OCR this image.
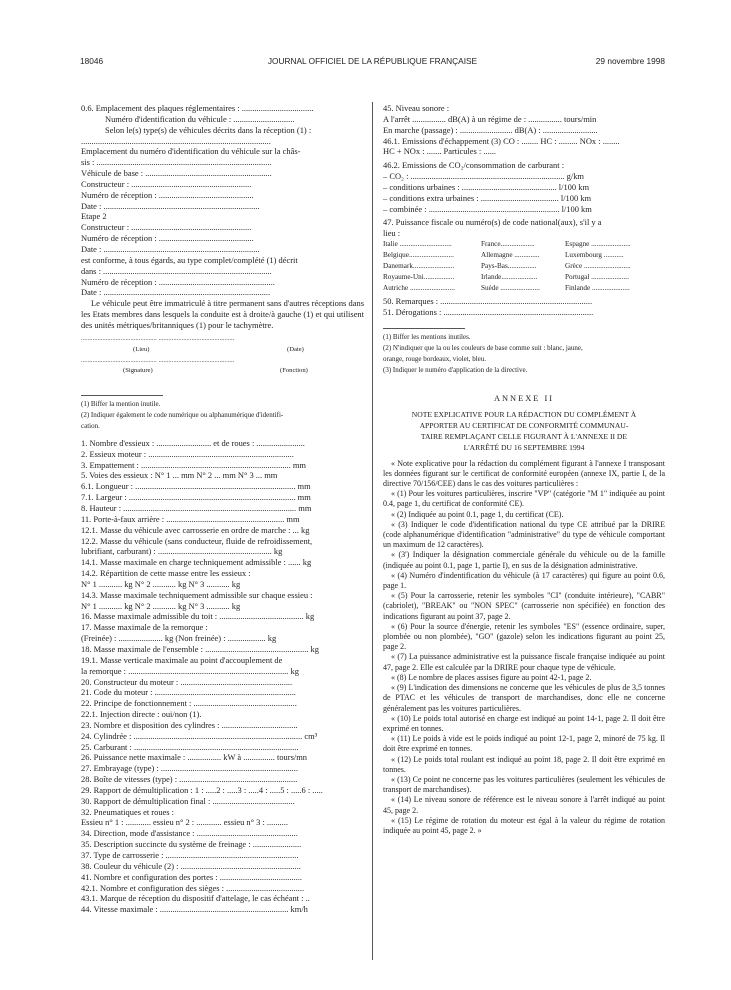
18046	JOURNAL OFFICIEL DE LA RÉPUBLIQUE FRANÇAISE	29 novembre 1998
0.6. Emplacement des plaques réglementaires : ..................................
Numéro d'identification du véhicule : .............................
Selon le(s) type(s) de véhicules décrits dans la réception (1) :
..........................................................................................
Emplacement du numéro d'identification du véhicule sur la châs-
sis : ...................................................................................
Véhicule de base : ............................................................
Constructeur : .........................................................
Numéro de réception : .............................................
Date : ..........................................................................
Etape 2
Constructeur : .........................................................
Numéro de réception : .............................................
Date : ..........................................................................
est conforme, à tous égards, au type complet/complété (1) décrit
dans : ................................................................................
Numéro de réception : .......................................................
Date : ...............................................................................
Le véhicule peut être immatriculé à titre permanent sans d'autres réceptions dans les Etats membres dans lesquels la conduite est à droite/à gauche (1) et qui utilisent des unités métriques/britanniques (1) pour le tachymètre.
.............................................. ..............................................
(Lieu)	(Date)
.............................................. ..............................................
(Signature)	(Fonction)
(1) Biffer la mention inutile.
(2) Indiquer également le code numérique ou alphanumérique d'identifi-
cation.
1. Nombre d'essieux : .......................... et de roues : .......................
2. Essieux moteur : .....................................................................
3. Empattement : ....................................................................... mm
5. Voies des essieux : N° 1 ... mm N° 2 ... mm N° 3 ... mm
6.1. Longueur : ............................................................................ mm
7.1. Largeur : ............................................................................... mm
8. Hauteur : .................................................................................. mm
11. Porte-à-faux arrière : ........................................................ mm
12.1. Masse du véhicule avec carrosserie en ordre de marche : ... kg
12.2. Masse du véhicule (sans conducteur, fluide de refroidissement,
lubrifiant, carburant) : ...................................................... kg
14.1. Masse maximale en charge techniquement admissible : ...... kg
14.2. Répartition de cette masse entre les essieux :
N° 1 ........... kg N° 2 ........... kg N° 3 ........... kg
14.3. Masse maximale techniquement admissible sur chaque essieu :
N° 1 ........... kg N° 2 ........... kg N° 3 ........... kg
16. Masse maximale admissible du toit : ........................................ kg
17. Masse maximale de la remorque :
(Freinée) : ..................... kg (Non freinée) : .................. kg
18. Masse maximale de l'ensemble : ................................................. kg
19.1. Masse verticale maximale au point d'accouplement de
la remorque : ............................................................................ kg
20. Constructeur du moteur : .....................................................
21. Code du moteur : ...................................................................
22. Principe de fonctionnement : .................................................
22.1. Injection directe : oui/non (1).
23. Nombre et disposition des cylindres : ....................................
24. Cylindrée : ................................................................................ cm³
25. Carburant : ..............................................................................
26. Puissance nette maximale : ................ kW à ............... tours/mn
27. Embrayage (type) : .................................................................
28. Boîte de vitesses (type) : ........................................................
29. Rapport de démultiplication : 1 : .....2 : .....3 : .....4 : .....5 : .....6 : .....
30. Rapport de démultiplication final : .......................................
32. Pneumatiques et roues :
Essieu n° 1 : ............ essieu n° 2 : ............ essieu n° 3 : ..........
34. Direction, mode d'assistance : ................................................
35. Description succincte du système de freinage : .......................
37. Type de carrosserie : ...............................................................
38. Couleur du véhicule (2) : .........................................................
41. Nombre et configuration des portes : .......................................
42.1. Nombre et configuration des sièges : .....................................
43.1. Marque de réception du dispositif d'attelage, le cas échéant : ..
44. Vitesse maximale : ............................................................. km/h
45. Niveau sonore :
A l'arrêt ................ dB(A) à un régime de : ................ tours/min
En marche (passage) : ......................... dB(A) : ..........................
46.1. Emissions d'échappement (3) CO : ........ HC : ......... NOx : ........
HC + NOx : ....... Particules : ......
46.2. Emissions de CO₂/consommation de carburant :
– CO₂ : ......................................................................... g/km
– conditions urbaines : ............................................. l/100 km
– conditions extra urbaines : ..................................... l/100 km
– combinée : .............................................................. l/100 km
47. Puissance fiscale ou numéro(s) de code national(aux), s'il y a
lieu :
Italie .............................	France...................	Espagne ......................
Belgique.........................	Allemagne ..............	Luxembourg ...........
Danemark.......................	Pays-Bas................	Grèce ..........................
Royaume-Uni.................	Irlande....................	Portugal .....................
Autriche .........................	Suède ......................	Finlande .....................
50. Remarques : ........................................................................
51. Dérogations : .......................................................................
(1) Biffer les mentions inutiles.
(2) N'indiquer que la ou les couleurs de base comme suit : blanc, jaune,
orange, rouge bordeaux, violet, bleu.
(3) Indiquer le numéro d'application de la directive.
ANNEXE II
NOTE EXPLICATIVE POUR LA RÉDACTION DU COMPLÉMENT À
APPORTER AU CERTIFICAT DE CONFORMITÉ COMMUNAU-
TAIRE REMPLAÇANT CELLE FIGURANT À L'ANNEXE II DE
L'ARRÊTÉ DU 16 SEPTEMBRE 1994
« Note explicative pour la rédaction du complément figurant à l'annexe I transposant les données figurant sur le certificat de conformité européen (annexe IX, partie I, de la directive 70/156/CEE) dans le cas des voitures particulières :
« (1) Pour les voitures particulières, inscrire "VP" (catégorie "M 1" indiquée au point 0.4, page 1, du certificat de conformité CE).
« (2) Indiquée au point 0.1, page 1, du certificat (CE).
« (3) Indiquer le code d'identification national du type CE attribué par la DRIRE (code alphanumérique d'identification "administrative" du type de véhicule comportant un maximum de 12 caractères).
« (3') Indiquer la désignation commerciale générale du véhicule ou de la famille (indiquée au point 0.1, page 1, partie I), en sus de la désignation administrative.
« (4) Numéro d'indentification du véhicule (à 17 caractères) qui figure au point 0.6, page 1.
« (5) Pour la carrosserie, retenir les symboles "CI" (conduite intérieure), "CABR" (cabriolet), "BREAK" ou "NON SPEC" (carrosserie non spécifiée) en fonction des indications figurant au point 37, page 2.
« (6) Pour la source d'énergie, retenir les symboles "ES" (essence ordinaire, super, plombée ou non plombée), "GO" (gazole) selon les indications figurant au point 25, page 2.
« (7) La puissance administrative est la puissance fiscale française indiquée au point 47, page 2. Elle est calculée par la DRIRE pour chaque type de véhicule.
« (8) Le nombre de places assises figure au point 42-1, page 2.
« (9) L'indication des dimensions ne concerne que les véhicules de plus de 3,5 tonnes de PTAC et les véhicules de transport de marchandises, donc elle ne concerne généralement pas les voitures particulières.
« (10) Le poids total autorisé en charge est indiqué au point 14-1, page 2. Il doit être exprimé en tonnes.
« (11) Le poids à vide est le poids indiqué au point 12-1, page 2, minoré de 75 kg. Il doit être exprimé en tonnes.
« (12) Le poids total roulant est indiqué au point 18, page 2. Il doit être exprimé en tonnes.
« (13) Ce point ne concerne pas les voitures particulières (seulement les véhicules de transport de marchandises).
« (14) Le niveau sonore de référence est le niveau sonore à l'arrêt indiqué au point 45, page 2.
« (15) Le régime de rotation du moteur est égal à la valeur du régime de rotation indiquée au point 45, page 2. »
